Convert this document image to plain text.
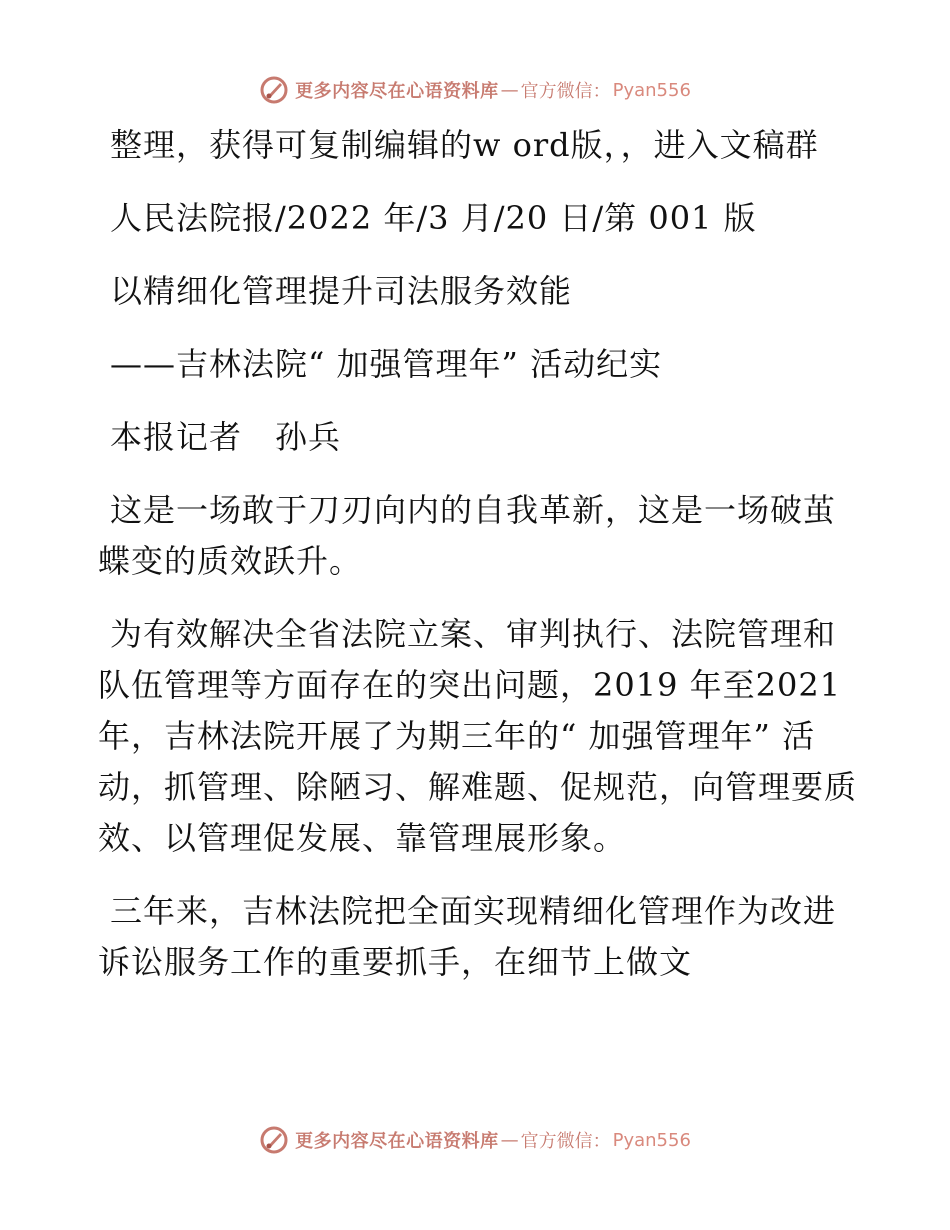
更多内容尽在心语资料库 — 官方微信： Pyan556

整理，获得可复制编辑的w ord版，，进入文稿群

人民法院报/2022 年/3 月/20 日/第 001 版

以精细化管理提升司法服务效能

——吉林法院“ 加强管理年” 活动纪实

本报记者　孙兵

这是一场敢于刀刃向内的自我革新，这是一场破茧蝶变的质效跃升。

为有效解决全省法院立案、审判执行、法院管理和队伍管理等方面存在的突出问题，2019 年至2021 年，吉林法院开展了为期三年的“ 加强管理年” 活动，抓管理、除陋习、解难题、促规范，向管理要质效、以管理促发展、靠管理展形象。

三年来，吉林法院把全面实现精细化管理作为改进诉讼服务工作的重要抓手，在细节上做文

更多内容尽在心语资料库 — 官方微信： Pyan556
